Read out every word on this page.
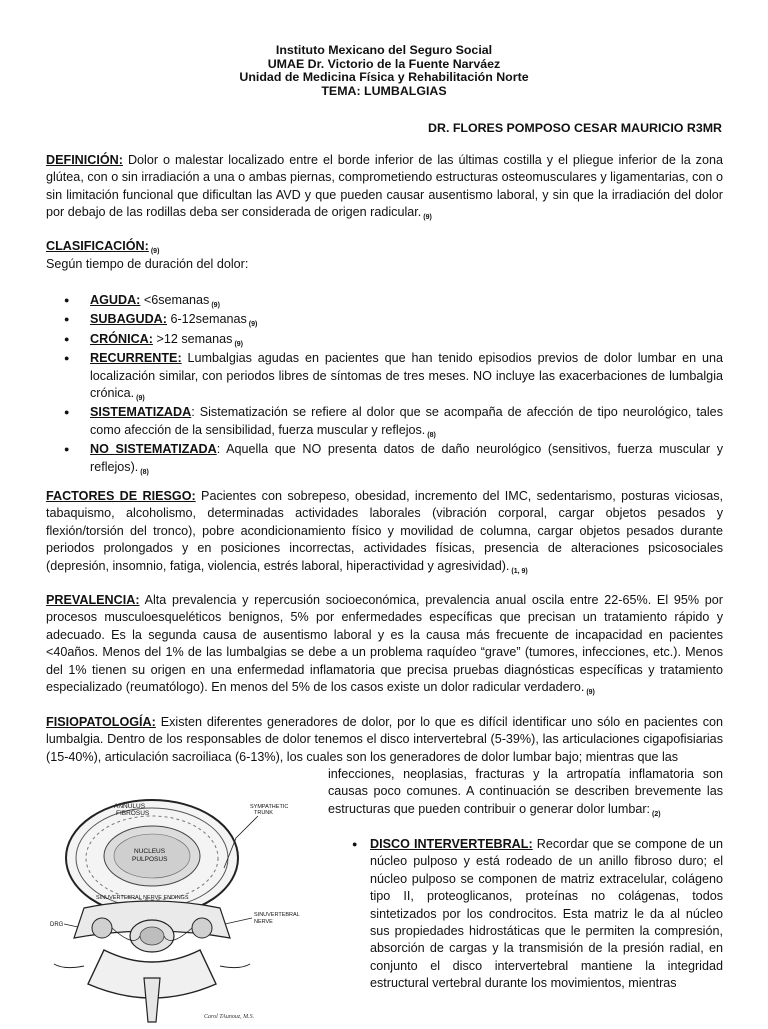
Instituto Mexicano del Seguro Social
UMAE Dr. Victorio de la Fuente Narváez
Unidad de Medicina Física y Rehabilitación Norte
TEMA: LUMBALGIAS
DR. FLORES POMPOSO CESAR MAURICIO R3MR

DEFINICIÓN: Dolor o malestar localizado entre el borde inferior de las últimas costilla y el pliegue inferior de la zona glútea, con o sin irradiación a una o ambas piernas, comprometiendo estructuras osteomusculares y ligamentarias, con o sin limitación funcional que dificultan las AVD y que pueden causar ausentismo laboral, y sin que la irradiación del dolor por debajo de las rodillas deba ser considerada de origen radicular. $_{(9)}$

CLASIFICACIÓN: $_{(9)}$

Según tiempo de duración del dolor:

● AGUDA: <6semanas $_{(9)}$
● SUBAGUDA: 6-12semanas $_{(9)}$
● CRÓNICA: >12 semanas $_{(9)}$
● RECURRENTE: Lumbalgias agudas en pacientes que han tenido episodios previos de dolor lumbar en una localización similar, con periodos libres de síntomas de tres meses. NO incluye las exacerbaciones de lumbalgia crónica. $_{(9)}$
● SISTEMATIZADA: Sistematización se refiere al dolor que se acompaña de afección de tipo neurológico, tales como afección de la sensibilidad, fuerza muscular y reflejos. $_{(8)}$
● NO SISTEMATIZADA: Aquella que NO presenta datos de daño neurológico (sensitivos, fuerza muscular y reflejos). $_{(8)}$

FACTORES DE RIESGO: Pacientes con sobrepeso, obesidad, incremento del IMC, sedentarismo, posturas viciosas, tabaquismo, alcoholismo, determinadas actividades laborales (vibración corporal, cargar objetos pesados y flexión/torsión del tronco), pobre acondicionamiento físico y movilidad de columna, cargar objetos pesados durante periodos prolongados y en posiciones incorrectas, actividades físicas, presencia de alteraciones psicosociales (depresión, insomnio, fatiga, violencia, estrés laboral, hiperactividad y agresividad). $_{(1, 9)}$

PREVALENCIA: Alta prevalencia y repercusión socioeconómica, prevalencia anual oscila entre 22-65%. El 95% por procesos musculoesqueléticos benignos, 5% por enfermedades específicas que precisan un tratamiento rápido y adecuado. Es la segunda causa de ausentismo laboral y es la causa más frecuente de incapacidad en pacientes <40años. Menos del 1% de las lumbalgias se debe a un problema raquídeo “grave” (tumores, infecciones, etc.). Menos del 1% tienen su origen en una enfermedad inflamatoria que precisa pruebas diagnósticas específicas y tratamiento especializado (reumatólogo). En menos del 5% de los casos existe un dolor radicular verdadero. $_{(9)}$

FISIOPATOLOGÍA: Existen diferentes generadores de dolor, por lo que es difícil identificar uno sólo en pacientes con lumbalgia. Dentro de los responsables de dolor tenemos el disco intervertebral (5-39%), las articulaciones cigapofisiarias (15-40%), articulación sacroiliaca (6-13%), los cuales son los generadores de dolor lumbar bajo; mientras que las

infecciones, neoplasias, fracturas y la artropatía inflamatoria son causas poco comunes. A continuación se describen brevemente las estructuras que pueden contribuir o generar dolor lumbar: $_{(2)}$

● DISCO INTERVERTEBRAL: Recordar que se compone de un núcleo pulposo y está rodeado de un anillo fibroso duro; el núcleo pulposo se componen de matriz extracelular, colágeno tipo II, proteoglicanos, proteínas no colágenas, todos sintetizados por los condrocitos. Esta matriz le da al núcleo sus propiedades hidrostáticas que le permiten la compresión, absorción de cargas y la transmisión de la presión radial, en conjunto el disco intervertebral mantiene la integridad estructural vertebral durante los movimientos, mientras

ANNULUS
FIBROSUS
NUCLEUS
PULPOSUS
SINUVERTEBRAL NERVE ENDINGS
SYMPATHETIC
TRUNK
SINUVERTEBRAL
NERVE
DRG
Carol TAunouz, M.S.
